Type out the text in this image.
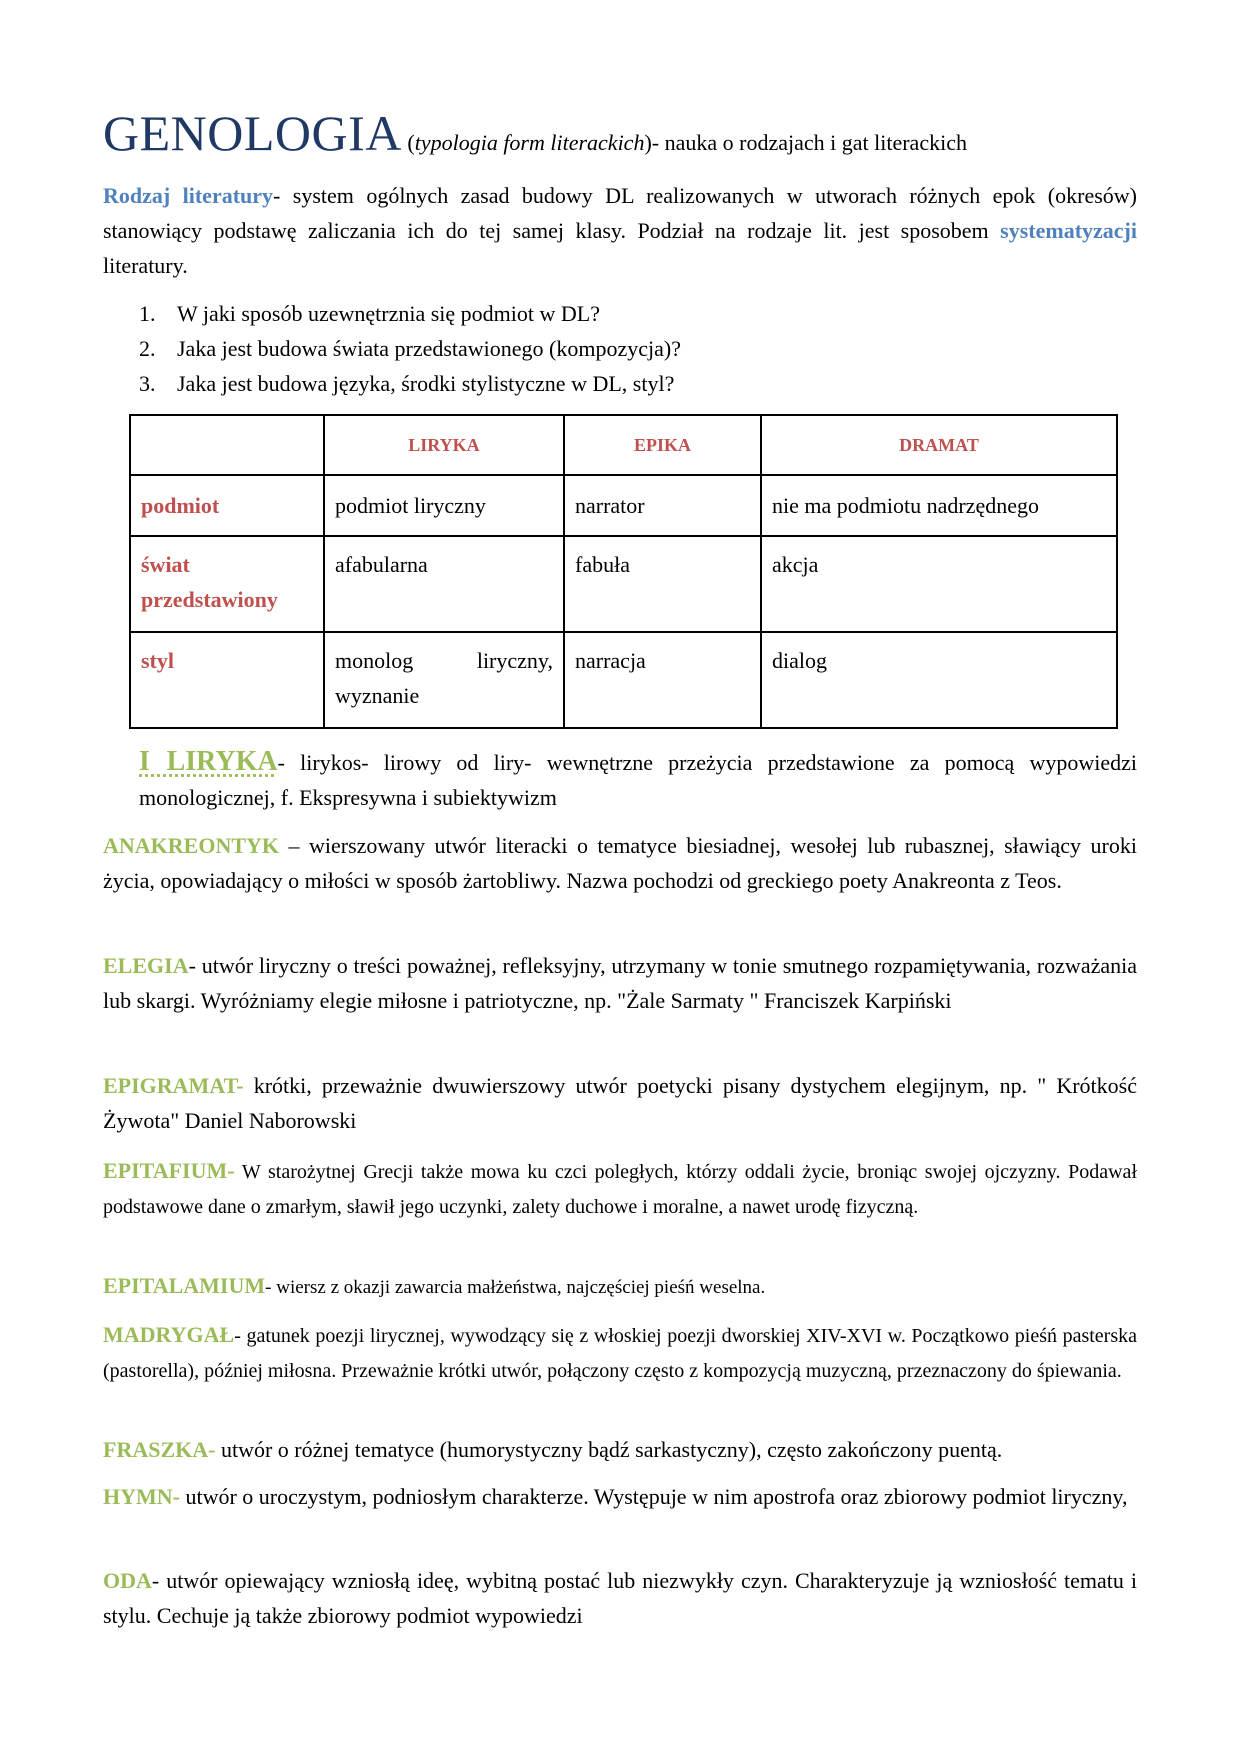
GENOLOGIA (typologia form literackich)- nauka o rodzajach i gat literackich

Rodzaj literatury- system ogólnych zasad budowy DL realizowanych w utworach różnych epok (okresów) stanowiący podstawę zaliczania ich do tej samej klasy. Podział na rodzaje lit. jest sposobem systematyzacji literatury.

1. W jaki sposób uzewnętrznia się podmiot w DL?
2. Jaka jest budowa świata przedstawionego (kompozycja)?
3. Jaka jest budowa języka, środki stylistyczne w DL, styl?
	LIRYKA	EPIKA	DRAMAT
podmiot	podmiot liryczny	narrator	nie ma podmiotu nadrzędnego
świat przedstawiony	afabularna	fabuła	akcja
styl	monolog liryczny, wyznanie	narracja	dialog

I LIRYKA- lirykos- lirowy od liry- wewnętrzne przeżycia przedstawione za pomocą wypowiedzi monologicznej, f. Ekspresywna i subiektywizm

ANAKREONTYK – wierszowany utwór literacki o tematyce biesiadnej, wesołej lub rubasznej, sławiący uroki życia, opowiadający o miłości w sposób żartobliwy. Nazwa pochodzi od greckiego poety Anakreonta z Teos.

ELEGIA- utwór liryczny o treści poważnej, refleksyjny, utrzymany w tonie smutnego rozpamiętywania, rozważania lub skargi. Wyróżniamy elegie miłosne i patriotyczne, np. "Żale Sarmaty " Franciszek Karpiński

EPIGRAMAT- krótki, przeważnie dwuwierszowy utwór poetycki pisany dystychem elegijnym, np. " Krótkość Żywota" Daniel Naborowski

EPITAFIUM- W starożytnej Grecji także mowa ku czci poległych, którzy oddali życie, broniąc swojej ojczyzny. Podawał podstawowe dane o zmarłym, sławił jego uczynki, zalety duchowe i moralne, a nawet urodę fizyczną.

EPITALAMIUM- wiersz z okazji zawarcia małżeństwa, najczęściej pieśń weselna.

MADRYGAŁ- gatunek poezji lirycznej, wywodzący się z włoskiej poezji dworskiej XIV-XVI w. Początkowo pieśń pasterska (pastorella), później miłosna. Przeważnie krótki utwór, połączony często z kompozycją muzyczną, przeznaczony do śpiewania.

FRASZKA- utwór o różnej tematyce (humorystyczny bądź sarkastyczny), często zakończony puentą.

HYMN- utwór o uroczystym, podniosłym charakterze. Występuje w nim apostrofa oraz zbiorowy podmiot liryczny,

ODA- utwór opiewający wzniosłą ideę, wybitną postać lub niezwykły czyn. Charakteryzuje ją wzniosłość tematu i stylu. Cechuje ją także zbiorowy podmiot wypowiedzi
